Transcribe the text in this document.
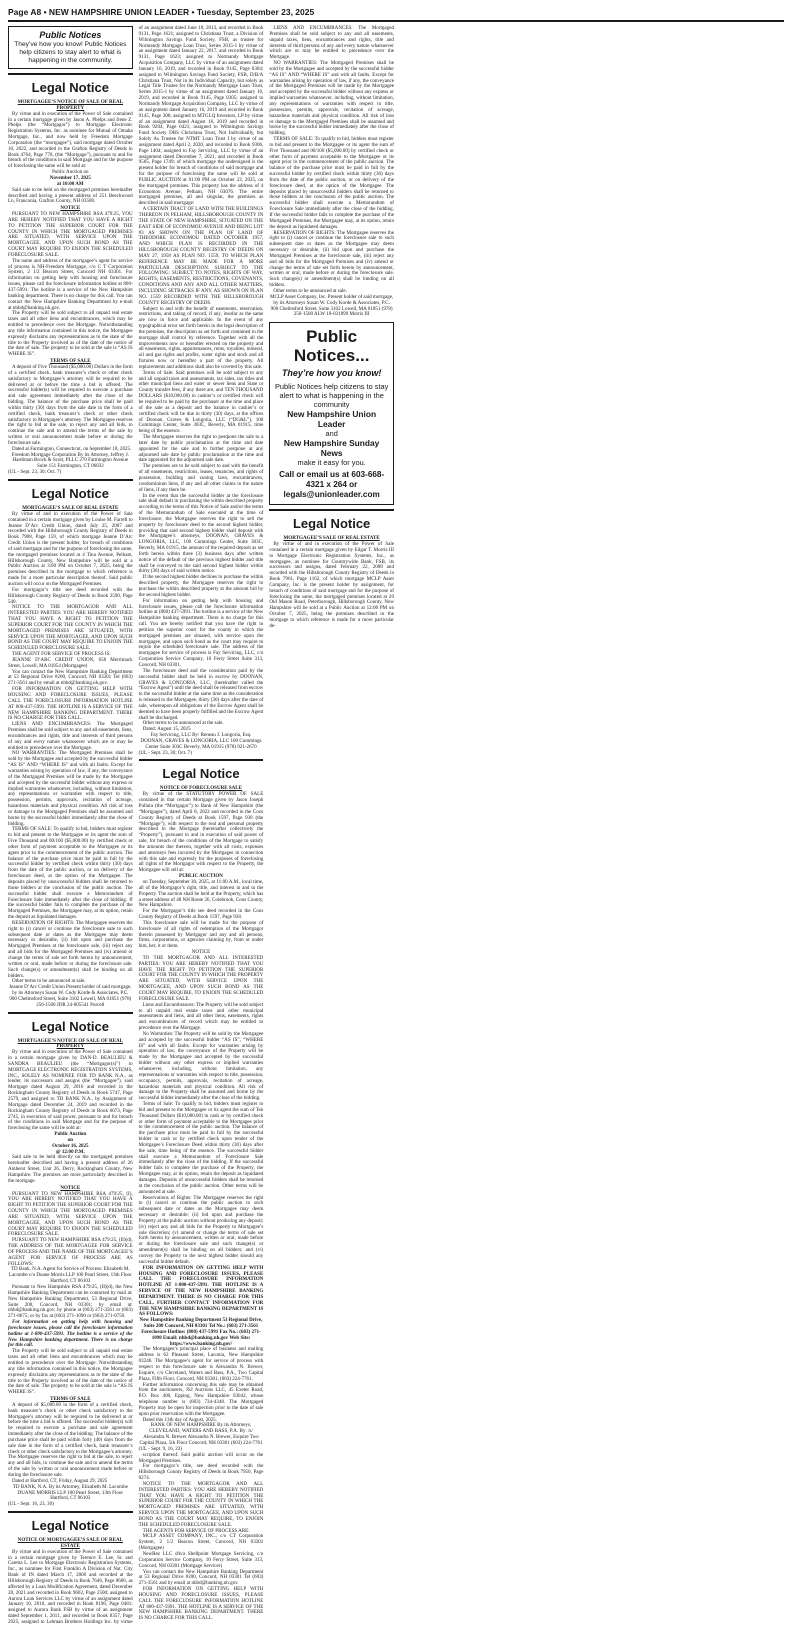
Page A8 • NEW HAMPSHIRE UNION LEADER • Tuesday, September 23, 2025
Public Notices
They’ve how you know! Public Notices help citizens to stay alert to what is happening in the community.
Legal Notice
MORTGAGEE’S NOTICE OF SALE OF REAL PROPERTY

By virtue and in execution of the Power of Sale contained in a certain mortgage given by Jason A. Phelps and Irene Z. Phelps (the “Mortgagor”) to Mortgage Electronic Registration Systems, Inc. as nominee for Mutual of Omaha Mortgage, Inc., and now held by Freedom Mortgage Corporation (the “mortgagee”), said mortgage dated October 10, 2022, and recorded in the Grafton Registry of Deeds in Book 4764, Page 778, (the “Mortgage”), pursuant to and for breach of the conditions in said Mortgage and for the purpose of foreclosing the same will be sold at:

Public Auction on
November 17, 2025
at 10:00 AM

Said sale to be held on the mortgaged premises hereinafter described and having a present address of 251 Beechwood Ln, Franconia, Grafton County, NH 03580.

NOTICE

PURSUANT TO NEW HAMPSHIRE RSA 479:25, YOU ARE HEREBY NOTIFIED THAT YOU HAVE A RIGHT TO PETITION THE SUPERIOR COURT FOR THE COUNTY IN WHICH THE MORTGAGED PREMISES ARE SITUATED, WITH SERVICE UPON THE MORTGAGEE, AND UPON SUCH BOND AS THE COURT MAY REQUIRE TO ENJOIN THE SCHEDULED FORECLOSURE SALE.

The name and address of the mortgagee’s agent for service of process is NH-Freedom Mortgage, c/o C T Corporation System, 2 1/2 Beacon Street, Concord NH 03301. For information on getting help with housing and foreclosure issues, please call the foreclosure information hotline at 800-437-5991. The hotline is a service of the New Hampshire banking department. There is no charge for this call. You can contact the New Hampshire Banking Department by e-mail at nhbd@banking.nh.gov.

The Property will be sold subject to all unpaid real estate taxes and all other liens and encumbrances, which may be entitled to precedence over the Mortgage. Notwithstanding any title information contained in this notice, the Mortgagee expressly disclaims any representations as to the state of the title to the Property involved as of the date of the notice of the date of sale. The property to be sold at the sale is “AS IS WHERE IS”.

TERMS OF SALE

A deposit of Five Thousand ($5,000.00) Dollars in the form of a certified check, bank treasurer’s check or other check satisfactory to Mortgagee’s attorney will be required to be delivered at or before the time a bid is offered. The successful bidder(s) will be required to execute a purchase and sale agreement immediately after the close of the bidding. The balance of the purchase price shall be paid within thirty (30) days from the sale date in the form of a certified check, bank treasurer’s check or other check satisfactory to Mortgagee’s attorney. The Mortgagee reserves the right to bid at the sale, to reject any and all bids, to continue the sale and to amend the terms of the sale by written or oral announcement made before or during the foreclosure sale.

Dated at Farmington, Connecticut, on September 18, 2025.

Freedom Mortgage Corporation By its Attorney, Jeffrey J. Hardiman Brock & Scott, PLLC 270 Farmington Avenue Suite 151 Farmington, CT 06032
(UL - Sept. 23, 30; Oct. 7)
Legal Notice
MORTGAGEE’S SALE OF REAL ESTATE

By virtue of and in execution of the Power of Sale contained in a certain mortgage given by Louise M. Farrell to Jeanne D’Arc Credit Union, dated July 25, 2007 and recorded with the Hillsborough County Registry of Deeds in Book 7908, Page 159, of which mortgage Jeanne D’Arc Credit Union is the present holder, for breach of conditions of said mortgage and for the purpose of foreclosing the same, the mortgaged premises located at 4 Tina Avenue, Pelham, Hillsborough County, New Hampshire will be sold at a Public Auction at 3:00 PM on October 7, 2025, being the premises described in the mortgage to which reference is made for a more particular description thereof. Said public auction will occur on the Mortgaged Premises.

For mortgagor’s title see deed recorded with the Hillsborough County Registry of Deeds in Book 2590, Page 540.

NOTICE TO THE MORTGAGOR AND ALL INTERESTED PARTIES: YOU ARE HEREBY NOTIFIED THAT YOU HAVE A RIGHT TO PETITION THE SUPERIOR COURT FOR THE COUNTY IN WHICH THE MORTGAGED PREMISES ARE SITUATED, WITH SERVICE UPON THE MORTGAGEE, AND UPON SUCH BOND AS THE COURT MAY REQUIRE TO ENJOIN THE SCHEDULED FORECLOSURE SALE.

THE AGENT FOR SERVICE OF PROCESS IS:

JEANNE D’ARC CREDIT UNION, 658 Merrimack Street, Lowell, MA 01854 (Mortgagee)

You can contact the New Hampshire Banking Department at 53 Regional Drive #200, Concord, NH 03301 Tel (603) 271-3561 and by email at nhbd@banking.nh.gov.

FOR INFORMATION ON GETTING HELP WITH HOUSING AND FORECLOSURE ISSUES, PLEASE CALL THE FORECLOSURE INFORMATION HOTLINE AT 800-437-5991. THE HOTLINE IS A SERVICE OF THE NEW HAMPSHIRE BANKING DEPARTMENT. THERE IS NO CHARGE FOR THIS CALL.

LIENS AND ENCUMBRANCES: The Mortgaged Premises shall be sold subject to any and all easements, liens, encumbrances and rights, title and interests of third persons of any and every nature whatsoever which are or may be entitled to precedence over the Mortgage.

NO WARRANTIES: The Mortgaged Premises shall be sold by the Mortgagee and accepted by the successful bidder “AS IS” AND “WHERE IS” and with all faults. Except for warranties arising by operation of law, if any, the conveyance of the Mortgaged Premises will be made by the Mortgagee and accepted by the successful bidder without any express or implied warranties whatsoever, including, without limitation, any representations or warranties with respect to title, possession, permits, approvals, recitation of acreage, hazardous materials and physical condition. All risk of loss or damage to the Mortgaged Premises shall be assumed and borne by the successful bidder immediately after the close of bidding.

TERMS OF SALE: To qualify to bid, bidders must register to bid and present to the Mortgagee or its agent the sum of Five Thousand and 00/100 ($5,000.00) by certified check or other form of payment acceptable to the Mortgagee or its agent prior to the commencement of the public auction. The balance of the purchase price must be paid in full by the successful bidder by certified check within thirty (30) days from the date of the public auction, or on delivery of the foreclosure deed, at the option of the Mortgagee. The deposits placed by unsuccessful bidders shall be returned to those bidders at the conclusion of the public auction. The successful bidder shall execute a Memorandum of Foreclosure Sale immediately after the close of bidding. If the successful bidder fails to complete the purchase of the Mortgaged Premises, the Mortgagee may, at its option, retain the deposit as liquidated damages.

RESERVATION OF RIGHTS: The Mortgagee reserves the right to (i) cancel or continue the foreclosure sale to such subsequent date or dates as the Mortgagee may deem necessary or desirable, (ii) bid upon and purchase the Mortgaged Premises at the foreclosure sale, (iii) reject any and all bids for the Mortgaged Premises and (iv) amend or change the terms of sale set forth herein by announcement, written or oral, made before or during the foreclosure sale. Such change(s) or amendment(s) shall be binding on all bidders.

Other terms to be announced at sale.

Jeanne D’Arc Credit Union Present holder of said mortgage, by its Attorneys Susan W. Cody Korde & Associates, P.C. 900 Chelmsford Street, Suite 3102 Lowell, MA 01851 (978) 256-1500 JDR 24-005541 Purcell
Legal Notice
MORTGAGEE’S NOTICE OF SALE OF REAL PROPERTY

By virtue and in execution of the Power of Sale contained in a certain mortgage given by DAN-D. BEAULIEU & SANDRA BEAULIEU (the “Mortgagor(s)”) to MORTGAGE ELECTRONIC REGISTRATION SYSTEMS, INC., SOLELY AS NOMINEE FOR TD BANK N.A., as lender, its successors and assigns (the “Mortgagee”), said Mortgage dated August 29, 2016 and recorded in the Rockingham County Registry of Deeds in Book 5747, Page 2579, and assigned to TD BANK N.A., by Assignment of Mortgage dated December 24, 2019 and recorded in the Rockingham County Registry of Deeds in Book 6073, Page 2745, in execution of said power, pursuant to and for breach of the conditions in said Mortgage and for the purpose of foreclosing the same will be sold at:

Public Auction
on
October 16, 2025
@ 12:00 P.M.

Said sale to be held directly on the mortgaged premises hereinafter described and having a present address of 26 Amherst Street, Unit 26, Derry, Rockingham County, New Hampshire. The premises are more particularly described in the mortgage.

NOTICE

PURSUANT TO NEW HAMPSHIRE RSA 479:25, (I), YOU ARE HEREBY NOTIFIED THAT YOU HAVE A RIGHT TO PETITION THE SUPERIOR COURT FOR THE COUNTY IN WHICH THE MORTGAGED PREMISES ARE SITUATED, WITH SERVICE UPON THE MORTGAGEE, AND UPON SUCH BOND AS THE COURT MAY REQUIRE TO ENJOIN THE SCHEDULED FORECLOSURE SALE.

PURSUANT TO NEW HAMPSHIRE RSA 479:25, (II)(d), THE ADDRESS OF THE MORTGAGEE FOR SERVICE OF PROCESS AND THE NAME OF THE MORTGAGEE’S AGENT FOR SERVICE OF PROCESS ARE AS FOLLOWS:

TD Bank, N.A. Agent for Service of Process: Elizabeth M. Lacombe c/o Duane Morris LLP 100 Pearl Street, 13th Floor Hartford, CT 06103

Pursuant to New Hampshire RSA 479:25, (II)(d), the New Hampshire Banking Department can be contacted by mail at: New Hampshire Banking Department, 53 Regional Drive, Suite 200, Concord, NH 03301; by email at: nhbd@banking.nh.gov; by phone at (603) 271-3561 or (603) 271-8675; or by fax at (603) 271-1090 or (603) 271-0750.

For information on getting help with housing and foreclosure issues, please call the foreclosure information hotline at 1-800-437-5991. The hotline is a service of the New Hampshire banking department. There is no charge for this call.

The Property will be sold subject to all unpaid real estate taxes and all other liens and encumbrances which may be entitled to precedence over the Mortgage. Notwithstanding any title information contained in this notice, the Mortgagee expressly disclaims any representations as to the state of the title to the Property involved as of the date of the notice of the date of sale. The property to be sold at the sale is “AS IS WHERE IS”.

TERMS OF SALE

A deposit of $5,000.00 in the form of a certified check, bank treasurer’s check or other check satisfactory to the Mortgagee’s attorney will be required to be delivered at or before the time a bid is offered. The successful bidder(s) will be required to execute a purchase and sale agreement immediately after the close of the bidding. The balance of the purchase price shall be paid within forty (40) days from the sale date in the form of a certified check, bank treasurer’s check or other check satisfactory to the Mortgagee’s attorney. The Mortgagee reserves the right to bid at the sale, to reject any and all bids, to continue the sale and to amend the terms of the sale by written or oral announcement made before or during the foreclosure sale.

Dated at Hartford, CT, Friday, August 29, 2025

TD BANK, N.A. By its Attorney, Elizabeth M. Lacombe DUANE MORRIS LLP 100 Pearl Street, 13th Floor Hartford, CT 06103
(UL - Sept. 16, 23, 30)
Legal Notice
NOTICE OF MORTGAGEE’S SALE OF REAL ESTATE

By virtue and in execution of the Power of Sale contained in a certain mortgage given by Terence E. Lee, Sr. and Caretta L. Lee to Mortgage Electronic Registration Systems, Inc., as nominee for First Franklin A Division of Nat. City Bank of IN dated March 17, 2006 and recorded at the Hillsborough Registry of Deeds in Book 7646, Page 0606, as affected by a Loan Modification Agreement, dated December 28, 2021 and recorded in Book 9602, Page 2500; assigned to Aurora Loan Services LLC by virtue of an assignment dated January 10, 2010, and recorded in Book 8196, Page 0481; assigned to Aurora Bank FSB by virtue of an assignment dated September 1, 2011, and recorded in Book 8357, Page 2925; assigned to Lehman Brothers Holdings Inc. by virtue of an assignment dated June 18, 2013, and recorded in Book 9131, Page 1621; assigned to Christiana Trust, a Division of Wilmington Savings Fund Society, FSB, as trustee for Normandy Mortgage Loan Trust, Series 2015-1 by virtue of an assignment dated January 22, 2017, and recorded in Book 9131, Page 1623; assigned to Normandy Mortgage Acquisition Company, LLC by virtue of an assignment dated January 16, 2019, and recorded in Book 9145, Page 0304; assigned to Wilmington Savings Fund Society, FSB, D/B/A Christiana Trust, Not in its Individual Capacity, but solely as Legal Title Trustee for the Normandy Mortgage Loan Trust, Series 2015-1 by virtue of an assignment dated January 16, 2019, and recorded in Book 9145, Page 0305; assigned to Normandy Mortgage Acquisition Company, LLC by virtue of an assignment dated January 16, 2019 and recorded in Book 9145, Page 306; assigned to MTGLQ Investors, LP by virtue of an assignment dated August 16, 2019 and recorded in Book 9204, Page 0421; assigned to Wilmington Savings Fund Society DBS Christiana Trust, Not Individually, but Solely As Trustee for NTMT Loan Trust I by virtue of an assignment dated April 2, 2020, and recorded in Book 9306, Page 1404; assigned to Fay Servicing, LLC by virtue of an assignment dated December 7, 2021, and recorded in Book 9565, Page 1749; of which mortgage the undersigned is the present holder for breach of conditions of said mortgage and for the purpose of foreclosing the same will be sold at PUBLIC AUCTION at 01:00 PM on October 23, 2025, on the mortgaged premises. This property has the address of 4 Economou Avenue, Pelham, NH 03076. The entire mortgaged premises, all and singular, the premises as described in said mortgage:

A CERTAIN TRACT OF LAND WITH THE BUILDINGS THEREON IN PELHAM, HILLSBOROUGH COUNTY IN THE STATE OF NEW HAMPSHIRE, SITUATED ON THE EAST SIDE OF ECONOMOU AVENUE AND BEING LOT #3 AS SHOWN ON THE PLAN OF LAND OF THEODORE ECONOMOU DATED OCTOBER 1957, AND WHICH PLAN IS RECORDED IN THE HILLSBOROUGH COUNTY REGISTRY OF DEEDS ON MAY 27, 1958 AS PLAN NO. 1559, TO WHICH PLAN REFERENCE MAY BE MADE FOR A MORE PARTICULAR DESCRIPTION. SUBJECT TO THE FOLLOWING: SUBJECT TO NOTES, RIGHTS OF WAY, RIGHTS, EASEMENTS, RESTRICTIONS, COVENANTS, CONDITIONS AND ANY AND ALL OTHER MATTERS, INCLUDING SETBACKS IF ANY, AS SHOWN ON PLAN NO. 1559 RECORDED WITH THE HILLSBOROUGH COUNTY REGISTRY OF DEEDS.

Subject to and with the benefit of easements, reservation, restrictions, and taking of record, if any, insofar as the same are now in force and applicable. In the event of any typographical error set forth herein in the legal description of the premises, the description as set forth and contained in the mortgage shall control by reference. Together with all the improvements now or hereafter erected on the property and all easements, rights, appurtenances, rents, royalties, mineral, oil and gas rights and profits, water rights and stock and all fixtures now or hereafter a part of the property. All replacements and additions shall also be covered by this sale.

Terms of Sale: Said premises will be sold subject to any and all unpaid taxes and assessments, tax sales, tax titles and other municipal liens and water or sewer liens and State or County transfer fees, if any there are, and TEN THOUSAND DOLLARS ($10,000.00) in cashier’s or certified check will be required to be paid by the purchaser at the time and place of the sale as a deposit and the balance in cashier’s or certified check will be due in thirty (30) days, at the offices of Doonan, Graves & Longoria, LLC (“DG&L”), 100 Cummings Center, Suite 303C, Beverly, MA 01915, time being of the essence.

The Mortgagee reserves the right to postpone the sale to a later date by public proclamation at the time and date appointed for the sale and to further postpone at any adjourned sale date by public proclamation at the time and date appointed for the adjourned sale date.

The premises are to be sold subject to and with the benefit of all easements, restrictions, leases, tenancies, and rights of possession, building and zoning laws, encumbrances, condominium liens, if any and all other claims in the nature of liens, if any there be.

In the event that the successful bidder at the foreclosure sale shall default in purchasing the within described property according to the terms of this Notice of Sale and/or the terms of the Memorandum of Sale executed at the time of foreclosure, the Mortgagee reserves the right to sell the property by foreclosure deed to the second highest bidder, providing that said second highest bidder shall deposit with the Mortgagee’s attorneys, DOONAN, GRAVES & LONGORIA, LLC, 100 Cummings Center, Suite 303C, Beverly, MA 01915, the amount of the required deposit as set forth herein within three (3) business days after written notice of the default of the previous highest bidder and title shall be conveyed to the said second highest bidder within thirty (30) days of said written notice.

If the second highest bidder declines to purchase the within described property, the Mortgagee reserves the right to purchase the within described property at the amount bid by the second highest bidder.

For information on getting help with housing and foreclosure issues, please call the foreclosure information hotline at (800) 437-5991. The hotline is a service of the New Hampshire banking department. There is no charge for this call. You are hereby notified that you have the right to petition the superior court for the county in which the mortgaged premises are situated, with service upon the mortgagee, and upon such bond as the court may require to enjoin the scheduled foreclosure sale. The address of the mortgagee for service of process is Fay Servicing, LLC, c/o Corporation Service Company, 10 Ferry Street Suite 313, Concord, NH 03301.

The foreclosure deed and the consideration paid by the successful bidder shall be held in escrow by DOONAN, GRAVES & LONGORIA, LLC, (hereinafter called the “Escrow Agent”) until the deed shall be released from escrow to the successful bidder at the same time as the consideration is released to the Mortgagee, thirty (30) days after the date of sale, whereupon all obligations of the Escrow Agent shall be deemed to have been properly fulfilled and the Escrow Agent shall be discharged.

Other terms to be announced at the sale.

Dated: August 15, 2025

Fay Servicing, LLC By: Reneau J. Longoria, Esq. DOONAN, GRAVES & LONGORIA, LLC 100 Cummings Center Suite 303C Beverly, MA 01915 (978) 921-2670
(UL - Sept. 23, 30; Oct. 7)
Legal Notice
NOTICE OF FORECLOSURE SALE

By virtue of the STATUTORY POWER OF SALE contained in that certain Mortgage given by Jason Joseph Pullara (the “Mortgagor”) to Bank of New Hampshire (the “Mortgagee”), dated April 8, 2022 and recorded in the Coos County Registry of Deeds at Book 1597, Page 938 (the “Mortgage”), with respect to the real and personal property described in the Mortgage (hereinafter collectively the “Property”), pursuant to and in execution of said power of sale, for breach of the conditions of the Mortgage to satisfy the amounts due thereon, together with all costs, expenses and attorneys fees incurred by the Mortgagee in connection with this sale and expressly for the purposes of foreclosing all rights of the Mortgagor with respect to the Property, the Mortgagee will sell at:

PUBLIC AUCTION

on Tuesday, September 30, 2025, at 11:00 A.M., local time, all of the Mortgagor’s right, title, and interest in and to the Property. The auction shall be held at the Property, which has a street address of 48 NH Route 26, Colebrook, Coos County, New Hampshire.

For the Mortgagor’s title see deed recorded in the Coos County Registry of Deeds at Book 1597, Page 938.

This foreclosure sale will be made for the purpose of foreclosure of all rights of redemption of the Mortgagor therein possessed by Mortgagor and any and all persons, firms, corporations, or agencies claiming by, from or under him, her, it or them.

NOTICE

TO THE MORTGAGOR AND ALL INTERESTED PARTIES: YOU ARE HEREBY NOTIFIED THAT YOU HAVE THE RIGHT TO PETITION THE SUPERIOR COURT FOR THE COUNTY IN WHICH THE PROPERTY ARE SITUATED, WITH SERVICE UPON THE MORTGAGEE, AND UPON SUCH BOND AS THE COURT MAY REQUIRE, TO ENJOIN THE SCHEDULED FORECLOSURE SALE.

Liens and Encumbrances: The Property will be sold subject to all unpaid real estate taxes and other municipal assessments and liens, and all other liens, easements, rights and encumbrances of record which may be entitled to precedence over the Mortgage.

No Warranties: The Property will be sold by the Mortgagee and accepted by the successful bidder “AS IS”, “WHERE IS” and with all faults. Except for warranties arising by operation of law, the conveyance of the Property will be made by the Mortgagee and accepted by the successful bidder without any other express or implied warranties whatsoever, including, without limitation, any representations or warranties with respect to title, possession, occupancy, permits, approvals, recitation of acreage, hazardous materials and physical condition. All risk of damage to the Property shall be assumed and borne by the successful bidder immediately after the close of the bidding.

Terms of Sale: To qualify to bid, bidders must register to bid and present to the Mortgagee or its agent the sum of Ten Thousand Dollars ($10,000.00) in cash or by certified check or other form of payment acceptable to the Mortgagee prior to the commencement of the public auction. The balance of the purchase price must be paid in full by the successful bidder in cash or by certified check upon tender of the Mortgagee’s Foreclosure Deed within thirty (30) days after the sale, time being of the essence. The successful bidder shall execute a Memorandum of Foreclosure Sale immediately after the close of the bidding. If the successful bidder fails to complete the purchase of the Property, the Mortgagee may, at its option, retain the deposit as liquidated damages. Deposits of unsuccessful bidders shall be returned at the conclusion of the public auction. Other terms will be announced at sale.

Reservations of Rights: The Mortgagee reserves the right to (i) cancel or continue the public auction to such subsequent date or dates as the Mortgagee may deem necessary or desirable; (ii) bid upon and purchase the Property at the public auction without producing any deposit; (iv) reject any and all bids for the Property to Mortgagee’s sole discretion; (v) amend or change the terms of sale set forth herein by announcement, written or oral, made before or during the foreclosure sale and such change(s) or amendment(s) shall be binding on all bidders; and (vi) convey the Property to the next highest bidder should any successful bidder default.

FOR INFORMATION ON GETTING HELP WITH HOUSING AND FORECLOSURE ISSUES, PLEASE CALL THE FORECLOSURE INFORMATION HOTLINE AT 1-800-437-5991. THE HOTLINE IS A SERVICE OF THE NEW HAMPSHIRE BANKING DEPARTMENT. THERE IS NO CHARGE FOR THIS CALL. FURTHER CONTACT INFORMATION FOR THE NEW HAMPSHIRE BANKING DEPARTMENT IS AS FOLLOWS:

New Hampshire Banking Department 53 Regional Drive, Suite 200 Concord, NH 03301 Tel No.: (603) 271-3561 Foreclosure Hotline: (800) 437-5991 Fax No.: (603) 271-1090 Email: nhbd@banking.nh.gov Web Site: https://www.banking.nh.gov/

The Mortgagee’s principal place of business and mailing address is 62 Pleasant Street, Laconia, New Hampshire 03246. The Mortgagee’s agent for service of process with respect to this foreclosure sale is Alexandra N. Brewer, Esquire, c/o Cleveland, Waters and Bass, P.A., Two Capital Plaza, Fifth Floor, Concord, NH 03301, (603) 224-7761.

Further information concerning this sale may be obtained from the auctioneers, JSJ Auctions LLC, 45 Exeter Road, P.O. Box 400, Epping, New Hampshire 03042, whose telephone number is (603) 734-4348. The Mortgaged Property may be open for inspection prior to the date of sale upon prior reservation with the Mortgagee.

Dated this 13th day of August, 2025.

BANK OF NEW HAMPSHIRE By its Attorneys, CLEVELAND, WATERS AND BASS, P.A. By: /s/ Alexandra N. Brewer Alexandra N. Brewer, Esquire Two Capital Plaza, 5th Floor Concord, NH 03301 (603) 224-7761
(UL - Sept. 9, 16, 23)

scription thereof. Said public auction will occur on the Mortgaged Premises.

For mortgagor’s title, see deed recorded with the Hillsborough County Registry of Deeds in Book 7950, Page 0274.

NOTICE TO THE MORTGAGOR AND ALL INTERESTED PARTIES: YOU ARE HEREBY NOTIFIED THAT YOU HAVE A RIGHT TO PETITION THE SUPERIOR COURT FOR THE COUNTY IN WHICH THE MORTGAGED PREMISES ARE SITUATED, WITH SERVICE UPON THE MORTGAGEE, AND UPON SUCH BOND AS THE COURT MAY REQUIRE, TO ENJOIN THE SCHEDULED FORECLOSURE SALE.

THE AGENTS FOR SERVICE OF PROCESS ARE:

MCLP ASSET COMPANY, INC., c/o CT Corporation System, 2 1/2 Beacon Street, Concord, NH 03301 (Mortgagee)

NewRez LLC d/b/a Shellpoint Mortgage Servicing, c/o Corporation Service Company, 10 Ferry Street, Suite 313, Concord, NH 03301 (Mortgage Servicer)

You can contact the New Hampshire Banking Department at 53 Regional Drive #200, Concord, NH 03301 Tel (603) 271-3561 and by email at nhbd@banking.nh.gov.

FOR INFORMATION ON GETTING HELP WITH HOUSING AND FORECLOSURE ISSUES, PLEASE CALL THE FORECLOSURE INFORMATION HOTLINE AT 800-437-5991. THE HOTLINE IS A SERVICE OF THE NEW HAMPSHIRE BANKING DEPARTMENT. THERE IS NO CHARGE FOR THIS CALL.

LIENS AND ENCUMBRANCES: The Mortgaged Premises shall be sold subject to any and all easements, unpaid taxes, liens, encumbrances and rights, title and interests of third persons of any and every nature whatsoever which are or may be entitled to precedence over the Mortgage.

NO WARRANTIES: The Mortgaged Premises shall be sold by the Mortgagee and accepted by the successful bidder “AS IS” AND “WHERE IS” and with all faults. Except for warranties arising by operation of law, if any, the conveyance of the Mortgaged Premises will be made by the Mortgagee and accepted by the successful bidder without any express or implied warranties whatsoever, including, without limitation, any representations or warranties with respect to title, possession, permits, approvals, recitation of acreage, hazardous materials and physical condition. All risk of loss or damage to the Mortgaged Premises shall be assumed and borne by the successful bidder immediately after the close of bidding.

TERMS OF SALE: To qualify to bid, bidders must register to bid and present to the Mortgagee or its agent the sum of Five Thousand and 00/100 ($5,000.00) by certified check or other form of payment acceptable to the Mortgagee or its agent prior to the commencement of the public auction. The balance of the purchase price must be paid in full by the successful bidder by certified check within thirty (30) days from the date of the public auction, or on delivery of the foreclosure deed, at the option of the Mortgagee. The deposits placed by unsuccessful bidders shall be returned to those bidders at the conclusion of the public auction. The successful bidder shall execute a Memorandum of Foreclosure Sale immediately after the close of the bidding. If the successful bidder fails to complete the purchase of the Mortgaged Premises, the Mortgagee may, at its option, retain the deposit as liquidated damages.

RESERVATION OF RIGHTS: The Mortgagee reserves the right to (i) cancel or continue the foreclosure sale to such subsequent date or dates as the Mortgagee may deem necessary or desirable, (ii) bid upon and purchase the Mortgaged Premises at the foreclosure sale, (iii) reject any and all bids for the Mortgaged Premises and (iv) amend or change the terms of sale set forth herein by announcement, written or oral, made before or during the foreclosure sale. Such change(s) or amendment(s) shall be binding on all bidders.

Other terms to be announced at sale.

MCLP Asset Company, Inc. Present holder of said mortgage, by its Attorneys Susan W. Cody Korde & Associates, P.C. 900 Chelmsford Street, Suite 3102 Lowell, MA 01851 (978) 256-1500 ALW 18-031899 Morris III
Public Notices...
They’re how you know!
Public Notices help citizens to stay alert to what is happening in the community
New Hampshire Union Leader
and
New Hampshire Sunday News
make it easy for you.
Call or email us at 603-668-4321 x 264 or legals@unionleader.com
Legal Notice
MORTGAGEE’S SALE OF REAL ESTATE

By virtue of and in execution of the Power of Sale contained in a certain mortgage given by Edgar T. Morris III to Mortgage Electronic Registration Systems, Inc., as mortgagee, as nominee for Countrywide Bank, FSB, its successors and assigns, dated February 22, 2008 and recorded with the Hillsborough County Registry of Deeds in Book 7961, Page 1162, of which mortgage MCLP Asset Company, Inc. is the present holder by assignment, for breach of conditions of said mortgage and for the purpose of foreclosing the same, the mortgaged premises located at 20 Old Mason Road, Peterborough, Hillsborough County, New Hampshire will be sold at a Public Auction at 12:00 PM on October 7, 2025, being the premises described in the mortgage to which reference is made for a more particular de-
